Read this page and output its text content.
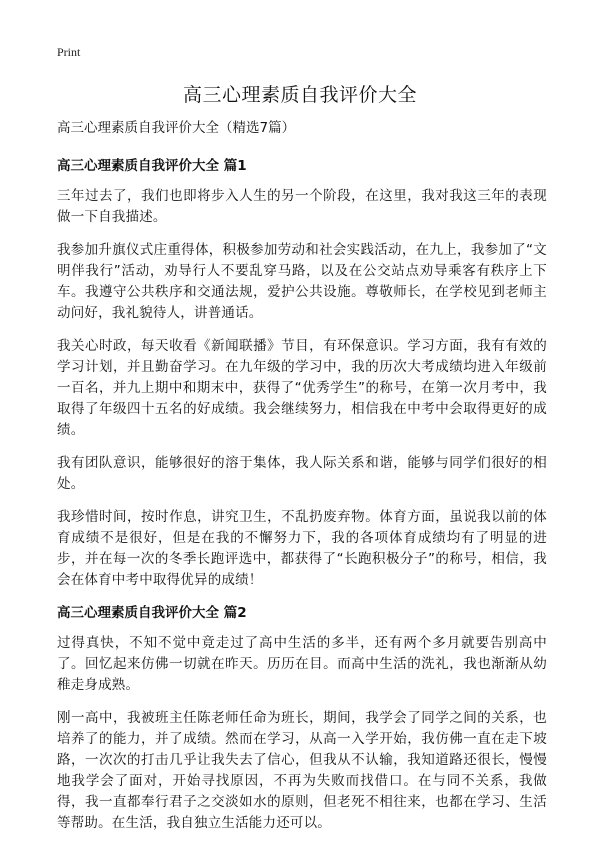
Print
高三心理素质自我评价大全

高三心理素质自我评价大全（精选7篇）

高三心理素质自我评价大全 篇1

三年过去了，我们也即将步入人生的另一个阶段，在这里，我对我这三年的表现做一下自我描述。

我参加升旗仪式庄重得体，积极参加劳动和社会实践活动，在九上，我参加了“文明伴我行”活动，劝导行人不要乱穿马路，以及在公交站点劝导乘客有秩序上下车。我遵守公共秩序和交通法规，爱护公共设施。尊敬师长，在学校见到老师主动问好，我礼貌待人，讲普通话。

我关心时政，每天收看《新闻联播》节目，有环保意识。学习方面，我有有效的学习计划，并且勤奋学习。在九年级的学习中，我的历次大考成绩均进入年级前一百名，并九上期中和期末中，获得了“优秀学生”的称号，在第一次月考中，我取得了年级四十五名的好成绩。我会继续努力，相信我在中考中会取得更好的成绩。

我有团队意识，能够很好的溶于集体，我人际关系和谐，能够与同学们很好的相处。

我珍惜时间，按时作息，讲究卫生，不乱扔废弃物。体育方面，虽说我以前的体育成绩不是很好，但是在我的不懈努力下，我的各项体育成绩均有了明显的进步，并在每一次的冬季长跑评选中，都获得了“长跑积极分子”的称号，相信，我会在体育中考中取得优异的成绩！

高三心理素质自我评价大全 篇2

过得真快，不知不觉中竟走过了高中生活的多半，还有两个多月就要告别高中了。回忆起来仿佛一切就在昨天。历历在目。而高中生活的洗礼，我也渐渐从幼稚走身成熟。

刚一高中，我被班主任陈老师任命为班长，期间，我学会了同学之间的关系，也培养了的能力，并了成绩。然而在学习，从高一入学开始，我仿佛一直在走下坡路，一次次的打击几乎让我失去了信心，但我从不认输，我知道路还很长，慢慢地我学会了面对，开始寻找原因，不再为失败而找借口。在与同不关系，我做得，我一直都奉行君子之交淡如水的原则，但老死不相往来，也都在学习、生活等帮助。在生活，我自独立生活能力还可以。
